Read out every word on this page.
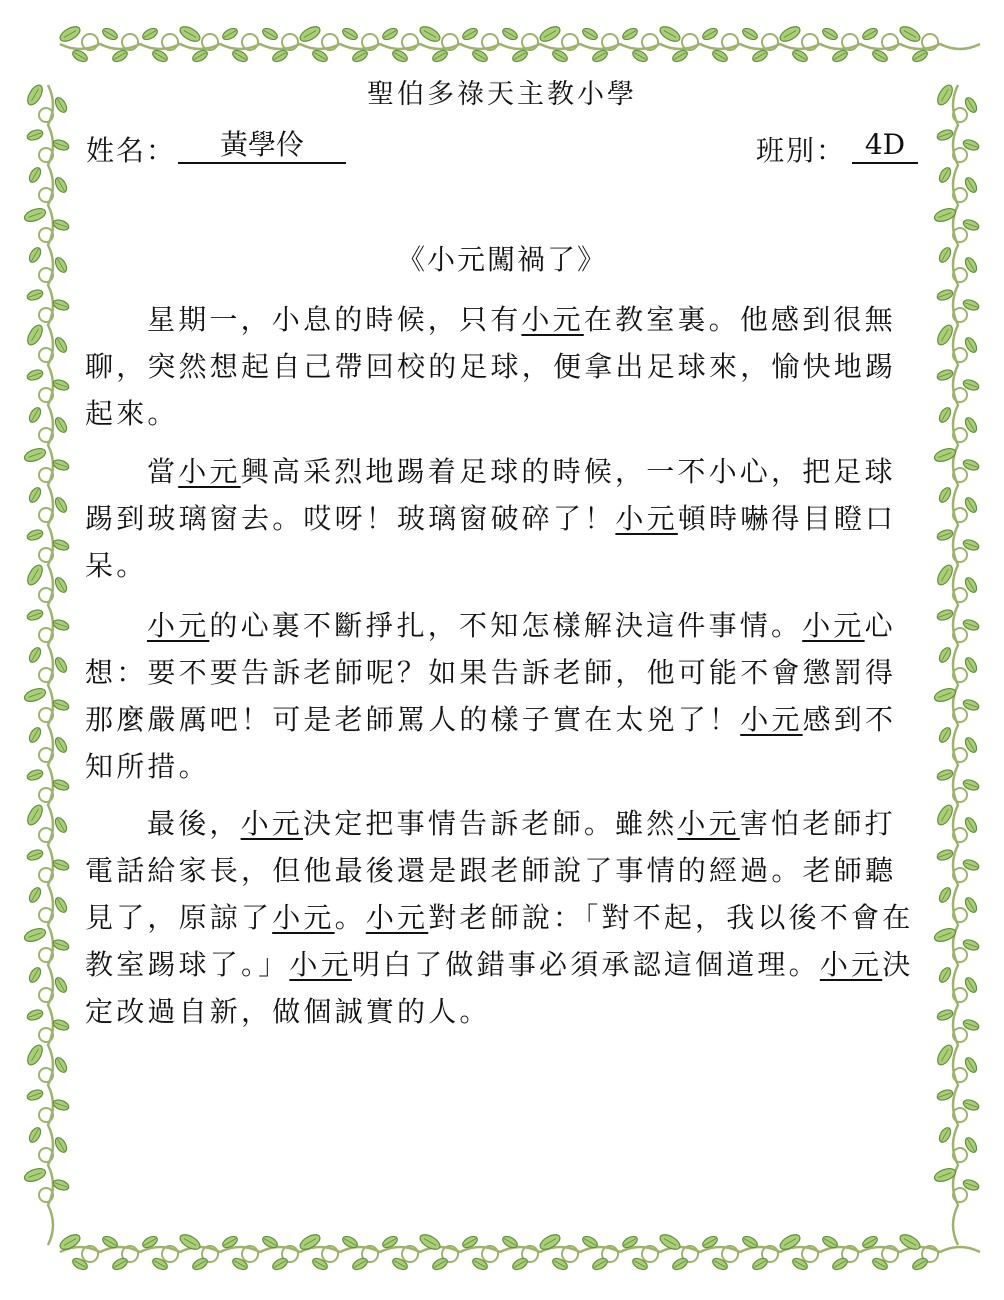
聖伯多祿天主教小學
姓名：	黃學伶	班別： 4D
《小元闖禍了》

星期一，小息的時候，只有小元在教室裏。他感到很無聊，突然想起自己帶回校的足球，便拿出足球來，愉快地踢起來。

當小元興高采烈地踢着足球的時候，一不小心，把足球踢到玻璃窗去。哎呀！玻璃窗破碎了！小元頓時嚇得目瞪口呆。

小元的心裏不斷掙扎，不知怎樣解決這件事情。小元心想：要不要告訴老師呢？如果告訴老師，他可能不會懲罰得那麼嚴厲吧！可是老師罵人的樣子實在太兇了！小元感到不知所措。

最後，小元決定把事情告訴老師。雖然小元害怕老師打電話給家長，但他最後還是跟老師說了事情的經過。老師聽見了，原諒了小元。小元對老師說：「對不起，我以後不會在教室踢球了。」小元明白了做錯事必須承認這個道理。小元決定改過自新，做個誠實的人。
